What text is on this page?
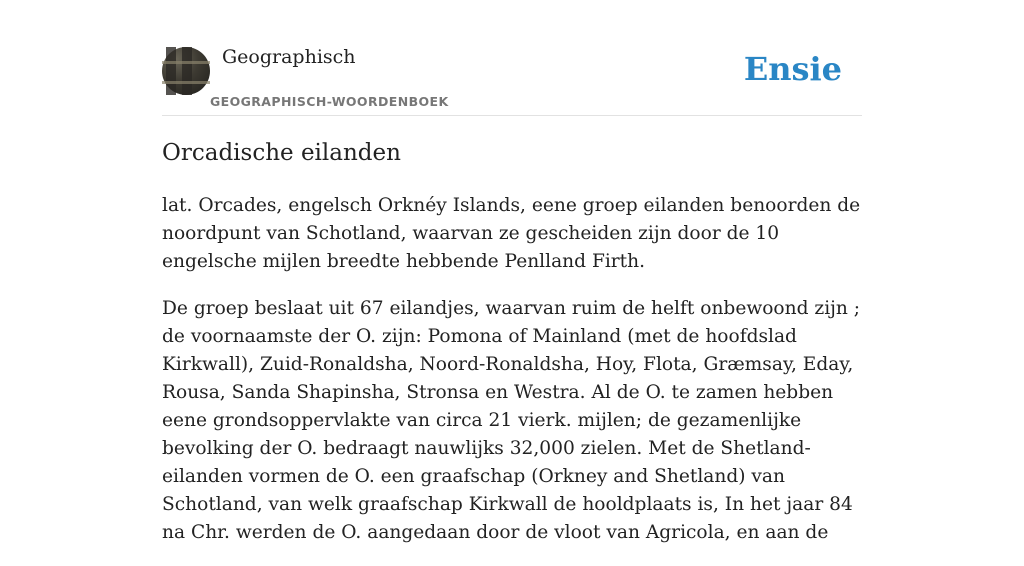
Geographisch
GEOGRAPHISCH-WOORDENBOEK
Ensie
Orcadische eilanden

lat. Orcades, engelsch Orknéy Islands, eene groep eilanden benoorden de noordpunt van Schotland, waarvan ze gescheiden zijn door de 10 engelsche mijlen breedte hebbende Penlland Firth.

De groep beslaat uit 67 eilandjes, waarvan ruim de helft onbewoond zijn ; de voornaamste der O. zijn: Pomona of Mainland (met de hoofdslad Kirkwall), Zuid-Ronaldsha, Noord-Ronaldsha, Hoy, Flota, Græmsay, Eday, Rousa, Sanda Shapinsha, Stronsa en Westra. Al de O. te zamen hebben eene grondsoppervlakte van circa 21 vierk. mijlen; de gezamenlijke bevolking der O. bedraagt nauwlijks 32,000 zielen. Met de Shetland-eilanden vormen de O. een graafschap (Orkney and Shetland) van Schotland, van welk graafschap Kirkwall de hooldplaats is, In het jaar 84 na Chr. werden de O. aangedaan door de vloot van Agricola, en aan de
